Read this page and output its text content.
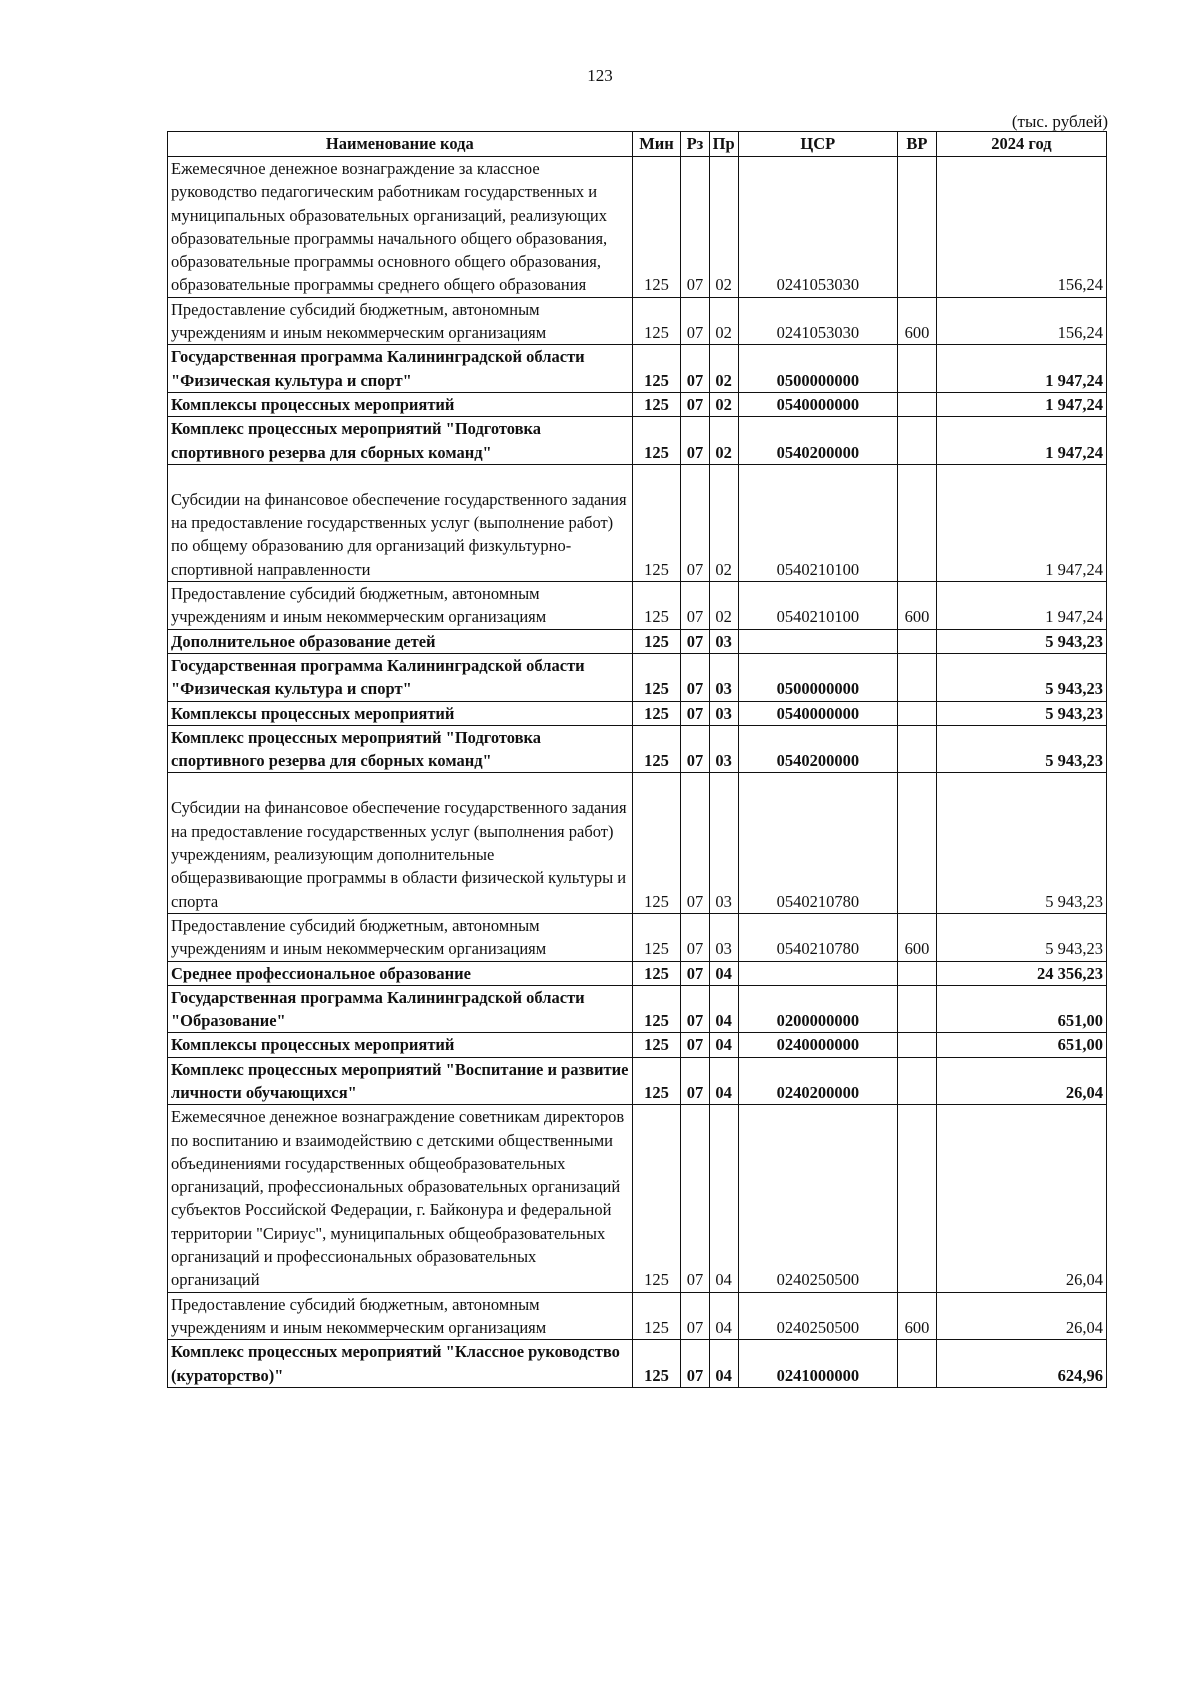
123
(тыс. рублей)
Наименование кода	Мин	Рз	Пр	ЦСР	ВР	2024 год
Ежемесячное денежное вознаграждение за классное руководство педагогическим работникам государственных и муниципальных образовательных организаций, реализующих образовательные программы начального общего образования, образовательные программы основного общего образования, образовательные программы среднего общего образования	125	07	02	0241053030		156,24
Предоставление субсидий бюджетным, автономным учреждениям и иным некоммерческим организациям	125	07	02	0241053030	600	156,24
Государственная программа Калининградской области "Физическая культура и спорт"	125	07	02	0500000000		1 947,24
Комплексы процессных мероприятий	125	07	02	0540000000		1 947,24
Комплекс процессных мероприятий "Подготовка спортивного резерва для сборных команд"	125	07	02	0540200000		1 947,24
Субсидии на финансовое обеспечение государственного задания на предоставление государственных услуг (выполнение работ) по общему образованию для организаций физкультурно-спортивной направленности	125	07	02	0540210100		1 947,24
Предоставление субсидий бюджетным, автономным учреждениям и иным некоммерческим организациям	125	07	02	0540210100	600	1 947,24
Дополнительное образование детей	125	07	03			5 943,23
Государственная программа Калининградской области "Физическая культура и спорт"	125	07	03	0500000000		5 943,23
Комплексы процессных мероприятий	125	07	03	0540000000		5 943,23
Комплекс процессных мероприятий "Подготовка спортивного резерва для сборных команд"	125	07	03	0540200000		5 943,23
Субсидии на финансовое обеспечение государственного задания на предоставление государственных услуг (выполнения работ) учреждениям, реализующим дополнительные общеразвивающие программы в области физической культуры и спорта	125	07	03	0540210780		5 943,23
Предоставление субсидий бюджетным, автономным учреждениям и иным некоммерческим организациям	125	07	03	0540210780	600	5 943,23
Среднее профессиональное образование	125	07	04			24 356,23
Государственная программа Калининградской области "Образование"	125	07	04	0200000000		651,00
Комплексы процессных мероприятий	125	07	04	0240000000		651,00
Комплекс процессных мероприятий "Воспитание и развитие личности обучающихся"	125	07	04	0240200000		26,04
Ежемесячное денежное вознаграждение советникам директоров по воспитанию и взаимодействию с детскими общественными объединениями государственных общеобразовательных организаций, профессиональных образовательных организаций субъектов Российской Федерации, г. Байконура и федеральной территории "Сириус", муниципальных общеобразовательных организаций и профессиональных образовательных организаций	125	07	04	0240250500		26,04
Предоставление субсидий бюджетным, автономным учреждениям и иным некоммерческим организациям	125	07	04	0240250500	600	26,04
Комплекс процессных мероприятий "Классное руководство (кураторство)"	125	07	04	0241000000		624,96
